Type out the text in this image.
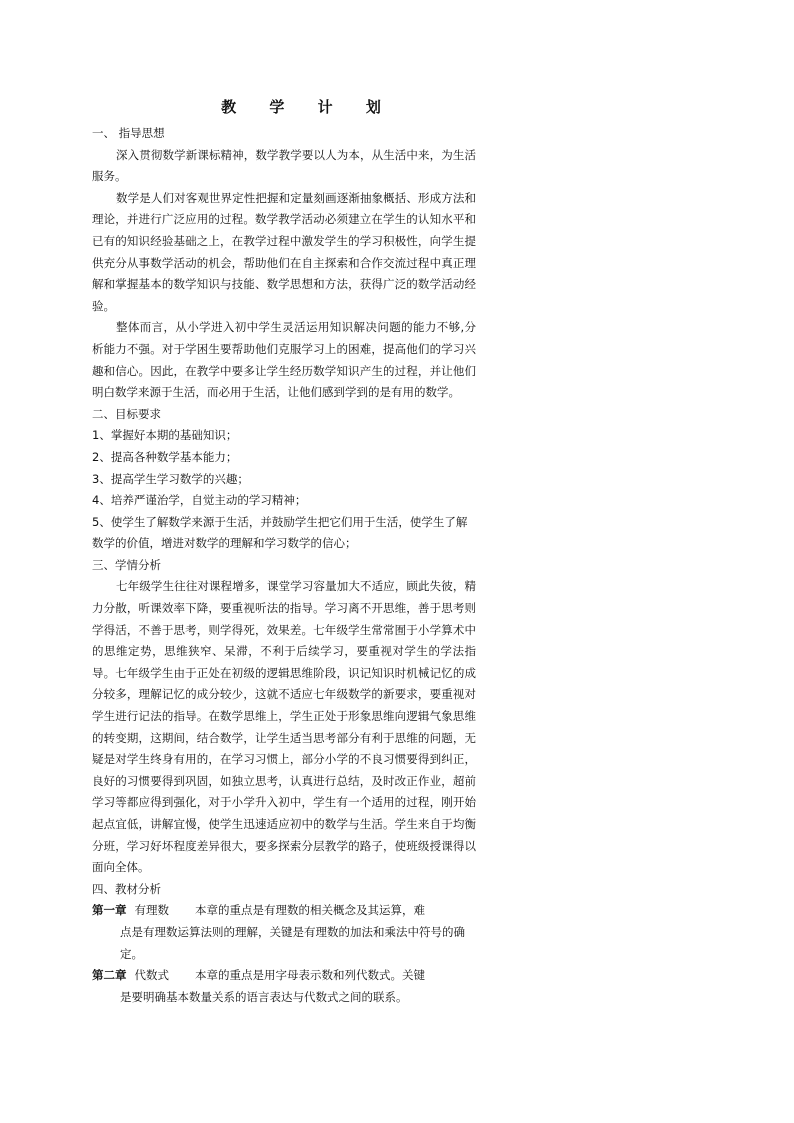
教 学 计 划

一、 指导思想

深入贯彻数学新课标精神，数学教学要以人为本，从生活中来，为生活服务。

数学是人们对客观世界定性把握和定量刻画逐渐抽象概括、形成方法和理论，并进行广泛应用的过程。数学教学活动必须建立在学生的认知水平和已有的知识经验基础之上，在教学过程中激发学生的学习积极性，向学生提供充分从事数学活动的机会，帮助他们在自主探索和合作交流过程中真正理解和掌握基本的数学知识与技能、数学思想和方法，获得广泛的数学活动经验。

整体而言，从小学进入初中学生灵活运用知识解决问题的能力不够,分析能力不强。对于学困生要帮助他们克服学习上的困难，提高他们的学习兴趣和信心。因此，在教学中要多让学生经历数学知识产生的过程，并让他们明白数学来源于生活，而必用于生活，让他们感到学到的是有用的数学。

二、目标要求

1、掌握好本期的基础知识；
2、提高各种数学基本能力；
3、提高学生学习数学的兴趣；
4、培养严谨治学，自觉主动的学习精神；
5、使学生了解数学来源于生活，并鼓励学生把它们用于生活，使学生了解数学的价值，增进对数学的理解和学习数学的信心；

三、学情分析

七年级学生往往对课程增多，课堂学习容量加大不适应，顾此失彼，精力分散，听课效率下降，要重视听法的指导。学习离不开思维，善于思考则学得活，不善于思考，则学得死，效果差。七年级学生常常囿于小学算术中的思维定势，思维狭窄、呆滞，不利于后续学习，要重视对学生的学法指导。七年级学生由于正处在初级的逻辑思维阶段，识记知识时机械记忆的成分较多，理解记忆的成分较少，这就不适应七年级数学的新要求，要重视对学生进行记法的指导。在数学思维上，学生正处于形象思维向逻辑气象思维的转变期，这期间，结合数学，让学生适当思考部分有利于思维的问题，无疑是对学生终身有用的，在学习习惯上，部分小学的不良习惯要得到纠正，良好的习惯要得到巩固，如独立思考，认真进行总结，及时改正作业，超前学习等都应得到强化，对于小学升入初中，学生有一个适用的过程，刚开始起点宜低，讲解宜慢，使学生迅速适应初中的数学与生活。学生来自于均衡分班，学习好坏程度差异很大，要多探索分层教学的路子，使班级授课得以面向全体。

四、教材分析

第一章 有理数 本章的重点是有理数的相关概念及其运算，难
点是有理数运算法则的理解，关键是有理数的加法和乘法中符号的确定。

第二章 代数式 本章的重点是用字母表示数和列代数式。关键
是要明确基本数量关系的语言表达与代数式之间的联系。
